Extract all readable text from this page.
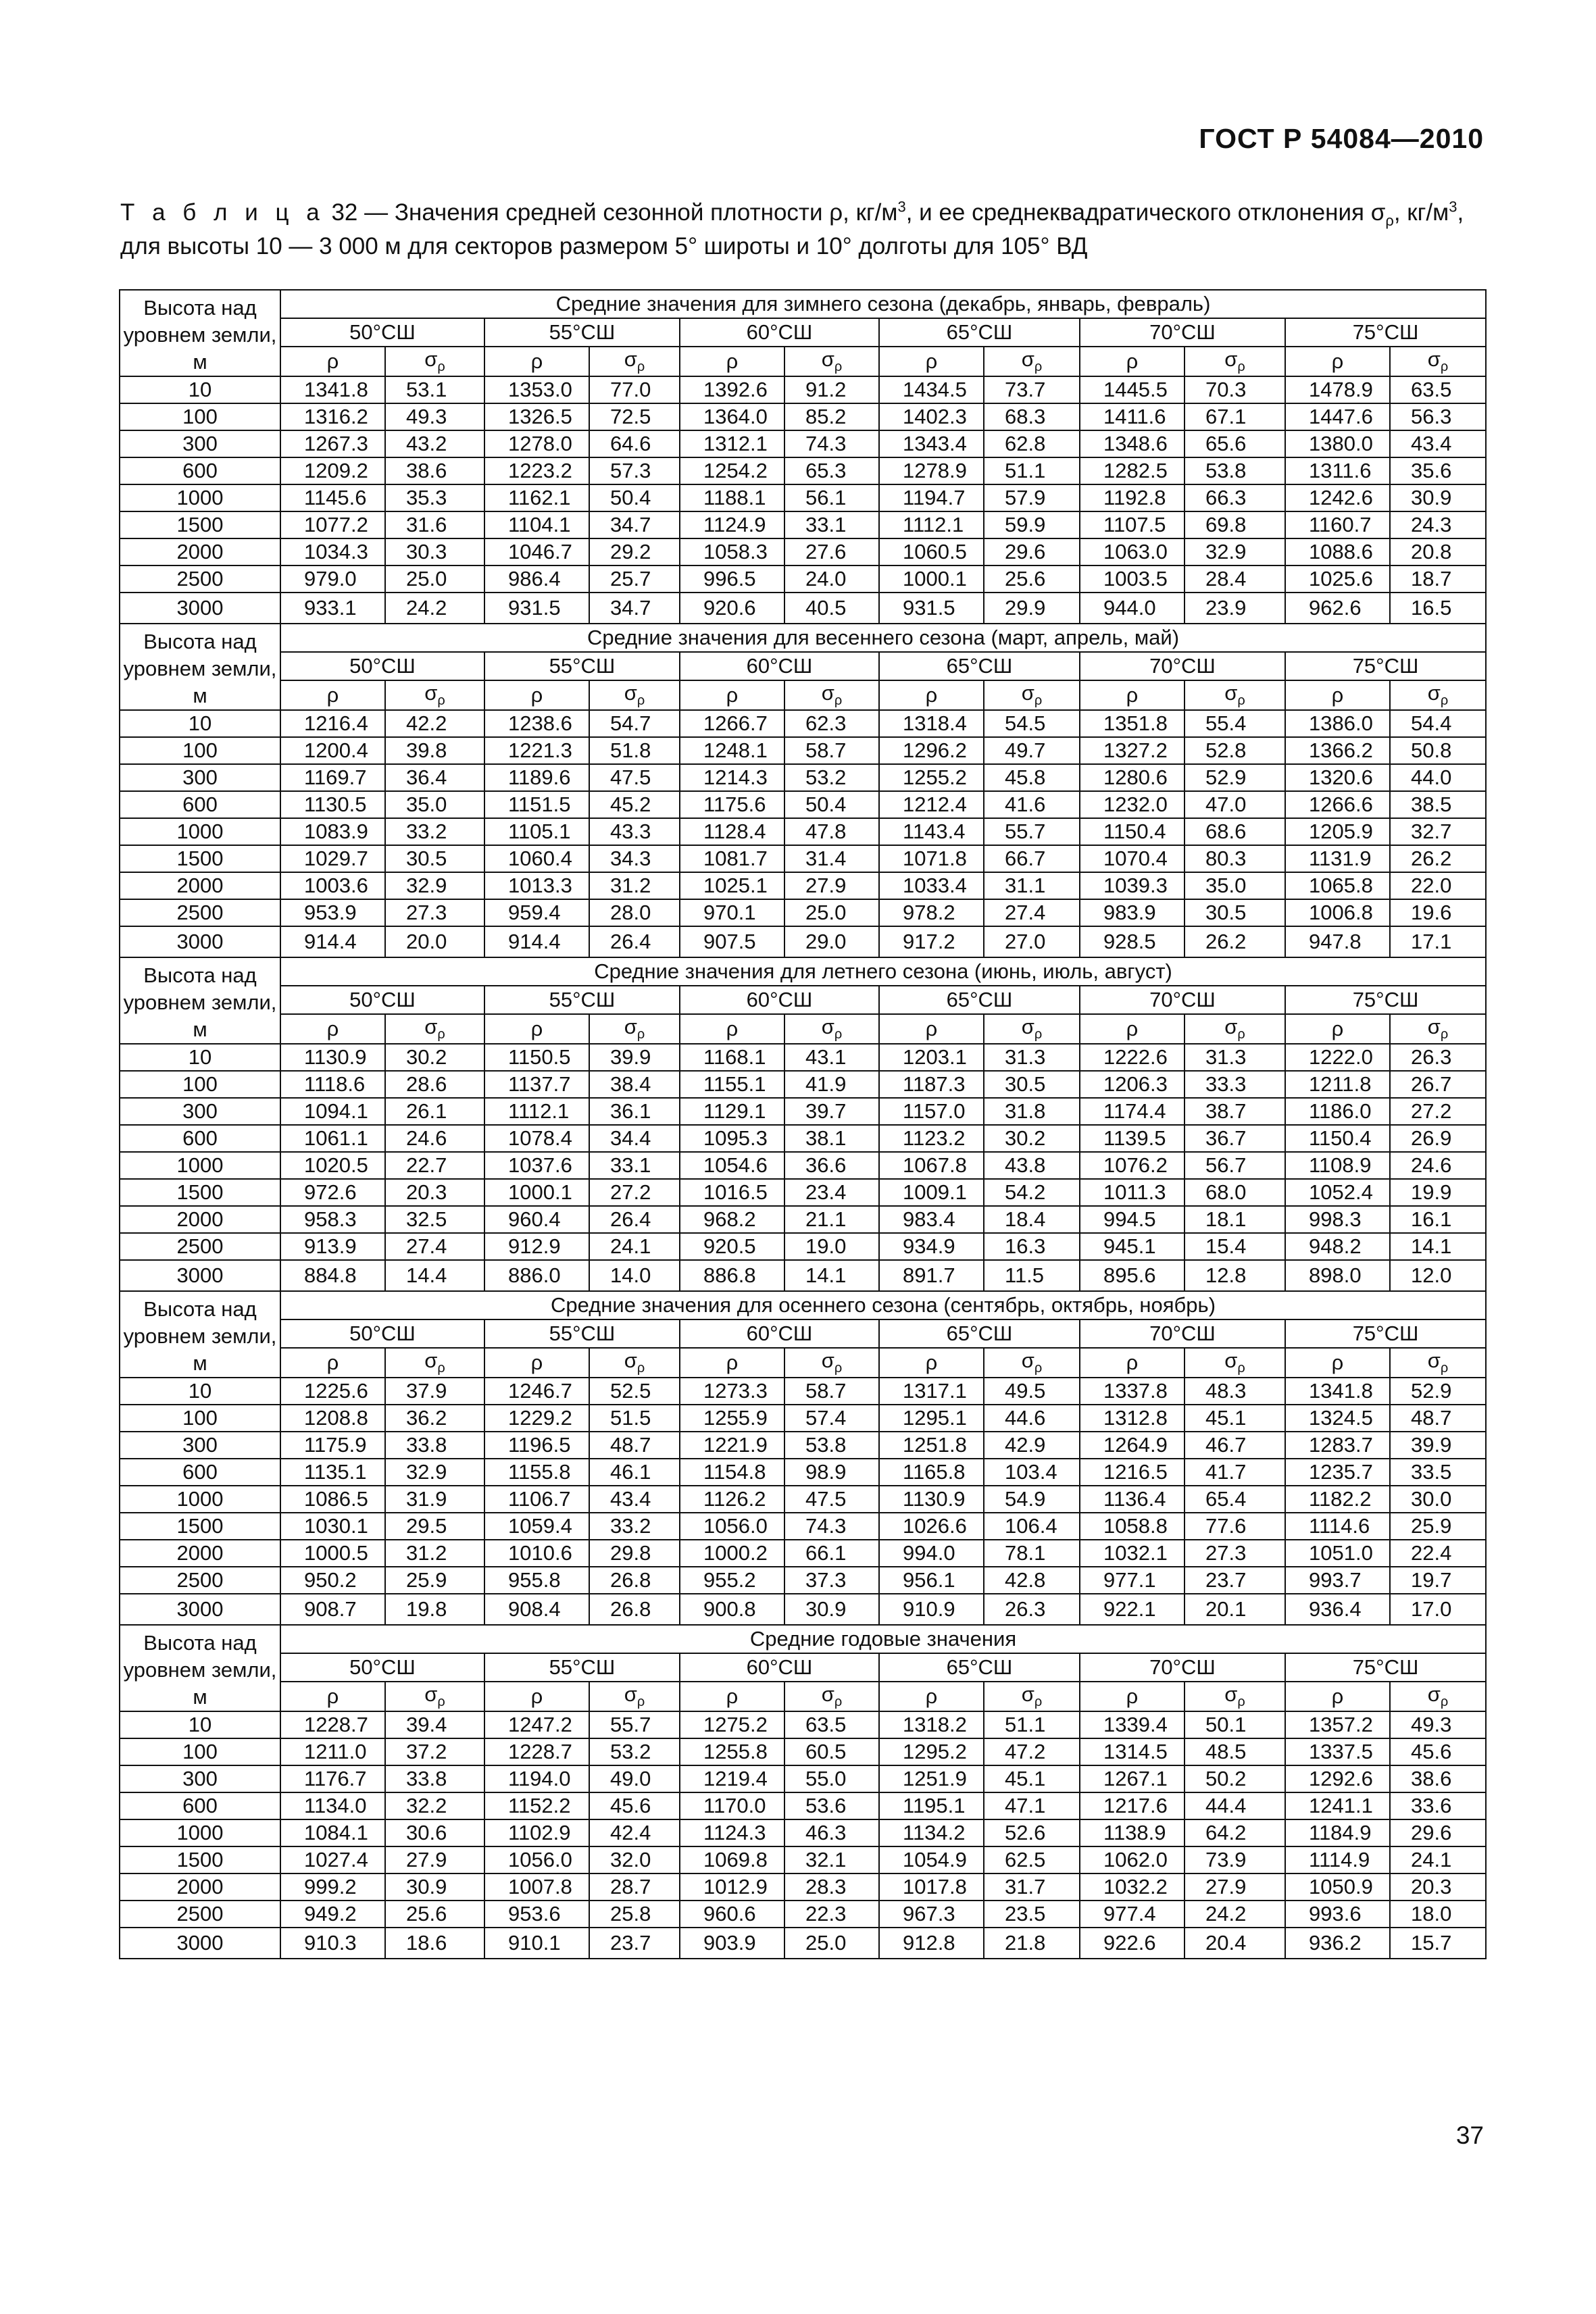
ГОСТ Р 54084—2010
Т а б л и ц а 32 — Значения средней сезонной плотности ρ, $кг/м^3$, и ее среднеквадратического отклонения $\sigma_\rho$, $кг/м^3$,
для высоты 10 — 3 000 м для секторов размером 5° широты и 10° долготы для 105° ВД
Высота над уровнем земли, м	Средние значения для зимнего сезона (декабрь, январь, февраль)											
	50°СШ		55°СШ		60°СШ		65°СШ		70°СШ		75°СШ	
	ρ	$\sigma_\rho$	ρ	$\sigma_\rho$	ρ	$\sigma_\rho$	ρ	$\sigma_\rho$	ρ	$\sigma_\rho$	ρ	$\sigma_\rho$
10	1341.8	53.1	1353.0	77.0	1392.6	91.2	1434.5	73.7	1445.5	70.3	1478.9	63.5
100	1316.2	49.3	1326.5	72.5	1364.0	85.2	1402.3	68.3	1411.6	67.1	1447.6	56.3
300	1267.3	43.2	1278.0	64.6	1312.1	74.3	1343.4	62.8	1348.6	65.6	1380.0	43.4
600	1209.2	38.6	1223.2	57.3	1254.2	65.3	1278.9	51.1	1282.5	53.8	1311.6	35.6
1000	1145.6	35.3	1162.1	50.4	1188.1	56.1	1194.7	57.9	1192.8	66.3	1242.6	30.9
1500	1077.2	31.6	1104.1	34.7	1124.9	33.1	1112.1	59.9	1107.5	69.8	1160.7	24.3
2000	1034.3	30.3	1046.7	29.2	1058.3	27.6	1060.5	29.6	1063.0	32.9	1088.6	20.8
2500	979.0	25.0	986.4	25.7	996.5	24.0	1000.1	25.6	1003.5	28.4	1025.6	18.7
3000	933.1	24.2	931.5	34.7	920.6	40.5	931.5	29.9	944.0	23.9	962.6	16.5
Высота над уровнем земли, м	Средние значения для весеннего сезона (март, апрель, май)											
	50°СШ		55°СШ		60°СШ		65°СШ		70°СШ		75°СШ	
	ρ	$\sigma_\rho$	ρ	$\sigma_\rho$	ρ	$\sigma_\rho$	ρ	$\sigma_\rho$	ρ	$\sigma_\rho$	ρ	$\sigma_\rho$
10	1216.4	42.2	1238.6	54.7	1266.7	62.3	1318.4	54.5	1351.8	55.4	1386.0	54.4
100	1200.4	39.8	1221.3	51.8	1248.1	58.7	1296.2	49.7	1327.2	52.8	1366.2	50.8
300	1169.7	36.4	1189.6	47.5	1214.3	53.2	1255.2	45.8	1280.6	52.9	1320.6	44.0
600	1130.5	35.0	1151.5	45.2	1175.6	50.4	1212.4	41.6	1232.0	47.0	1266.6	38.5
1000	1083.9	33.2	1105.1	43.3	1128.4	47.8	1143.4	55.7	1150.4	68.6	1205.9	32.7
1500	1029.7	30.5	1060.4	34.3	1081.7	31.4	1071.8	66.7	1070.4	80.3	1131.9	26.2
2000	1003.6	32.9	1013.3	31.2	1025.1	27.9	1033.4	31.1	1039.3	35.0	1065.8	22.0
2500	953.9	27.3	959.4	28.0	970.1	25.0	978.2	27.4	983.9	30.5	1006.8	19.6
3000	914.4	20.0	914.4	26.4	907.5	29.0	917.2	27.0	928.5	26.2	947.8	17.1
Высота над уровнем земли, м	Средние значения для летнего сезона (июнь, июль, август)											
	50°СШ		55°СШ		60°СШ		65°СШ		70°СШ		75°СШ	
	ρ	$\sigma_\rho$	ρ	$\sigma_\rho$	ρ	$\sigma_\rho$	ρ	$\sigma_\rho$	ρ	$\sigma_\rho$	ρ	$\sigma_\rho$
10	1130.9	30.2	1150.5	39.9	1168.1	43.1	1203.1	31.3	1222.6	31.3	1222.0	26.3
100	1118.6	28.6	1137.7	38.4	1155.1	41.9	1187.3	30.5	1206.3	33.3	1211.8	26.7
300	1094.1	26.1	1112.1	36.1	1129.1	39.7	1157.0	31.8	1174.4	38.7	1186.0	27.2
600	1061.1	24.6	1078.4	34.4	1095.3	38.1	1123.2	30.2	1139.5	36.7	1150.4	26.9
1000	1020.5	22.7	1037.6	33.1	1054.6	36.6	1067.8	43.8	1076.2	56.7	1108.9	24.6
1500	972.6	20.3	1000.1	27.2	1016.5	23.4	1009.1	54.2	1011.3	68.0	1052.4	19.9
2000	958.3	32.5	960.4	26.4	968.2	21.1	983.4	18.4	994.5	18.1	998.3	16.1
2500	913.9	27.4	912.9	24.1	920.5	19.0	934.9	16.3	945.1	15.4	948.2	14.1
3000	884.8	14.4	886.0	14.0	886.8	14.1	891.7	11.5	895.6	12.8	898.0	12.0
Высота над уровнем земли, м	Средние значения для осеннего сезона (сентябрь, октябрь, ноябрь)											
	50°СШ		55°СШ		60°СШ		65°СШ		70°СШ		75°СШ	
	ρ	$\sigma_\rho$	ρ	$\sigma_\rho$	ρ	$\sigma_\rho$	ρ	$\sigma_\rho$	ρ	$\sigma_\rho$	ρ	$\sigma_\rho$
10	1225.6	37.9	1246.7	52.5	1273.3	58.7	1317.1	49.5	1337.8	48.3	1341.8	52.9
100	1208.8	36.2	1229.2	51.5	1255.9	57.4	1295.1	44.6	1312.8	45.1	1324.5	48.7
300	1175.9	33.8	1196.5	48.7	1221.9	53.8	1251.8	42.9	1264.9	46.7	1283.7	39.9
600	1135.1	32.9	1155.8	46.1	1154.8	98.9	1165.8	103.4	1216.5	41.7	1235.7	33.5
1000	1086.5	31.9	1106.7	43.4	1126.2	47.5	1130.9	54.9	1136.4	65.4	1182.2	30.0
1500	1030.1	29.5	1059.4	33.2	1056.0	74.3	1026.6	106.4	1058.8	77.6	1114.6	25.9
2000	1000.5	31.2	1010.6	29.8	1000.2	66.1	994.0	78.1	1032.1	27.3	1051.0	22.4
2500	950.2	25.9	955.8	26.8	955.2	37.3	956.1	42.8	977.1	23.7	993.7	19.7
3000	908.7	19.8	908.4	26.8	900.8	30.9	910.9	26.3	922.1	20.1	936.4	17.0
Высота над уровнем земли, м	Средние годовые значения											
	50°СШ		55°СШ		60°СШ		65°СШ		70°СШ		75°СШ	
	ρ	$\sigma_\rho$	ρ	$\sigma_\rho$	ρ	$\sigma_\rho$	ρ	$\sigma_\rho$	ρ	$\sigma_\rho$	ρ	$\sigma_\rho$
10	1228.7	39.4	1247.2	55.7	1275.2	63.5	1318.2	51.1	1339.4	50.1	1357.2	49.3
100	1211.0	37.2	1228.7	53.2	1255.8	60.5	1295.2	47.2	1314.5	48.5	1337.5	45.6
300	1176.7	33.8	1194.0	49.0	1219.4	55.0	1251.9	45.1	1267.1	50.2	1292.6	38.6
600	1134.0	32.2	1152.2	45.6	1170.0	53.6	1195.1	47.1	1217.6	44.4	1241.1	33.6
1000	1084.1	30.6	1102.9	42.4	1124.3	46.3	1134.2	52.6	1138.9	64.2	1184.9	29.6
1500	1027.4	27.9	1056.0	32.0	1069.8	32.1	1054.9	62.5	1062.0	73.9	1114.9	24.1
2000	999.2	30.9	1007.8	28.7	1012.9	28.3	1017.8	31.7	1032.2	27.9	1050.9	20.3
2500	949.2	25.6	953.6	25.8	960.6	22.3	967.3	23.5	977.4	24.2	993.6	18.0
3000	910.3	18.6	910.1	23.7	903.9	25.0	912.8	21.8	922.6	20.4	936.2	15.7
37
